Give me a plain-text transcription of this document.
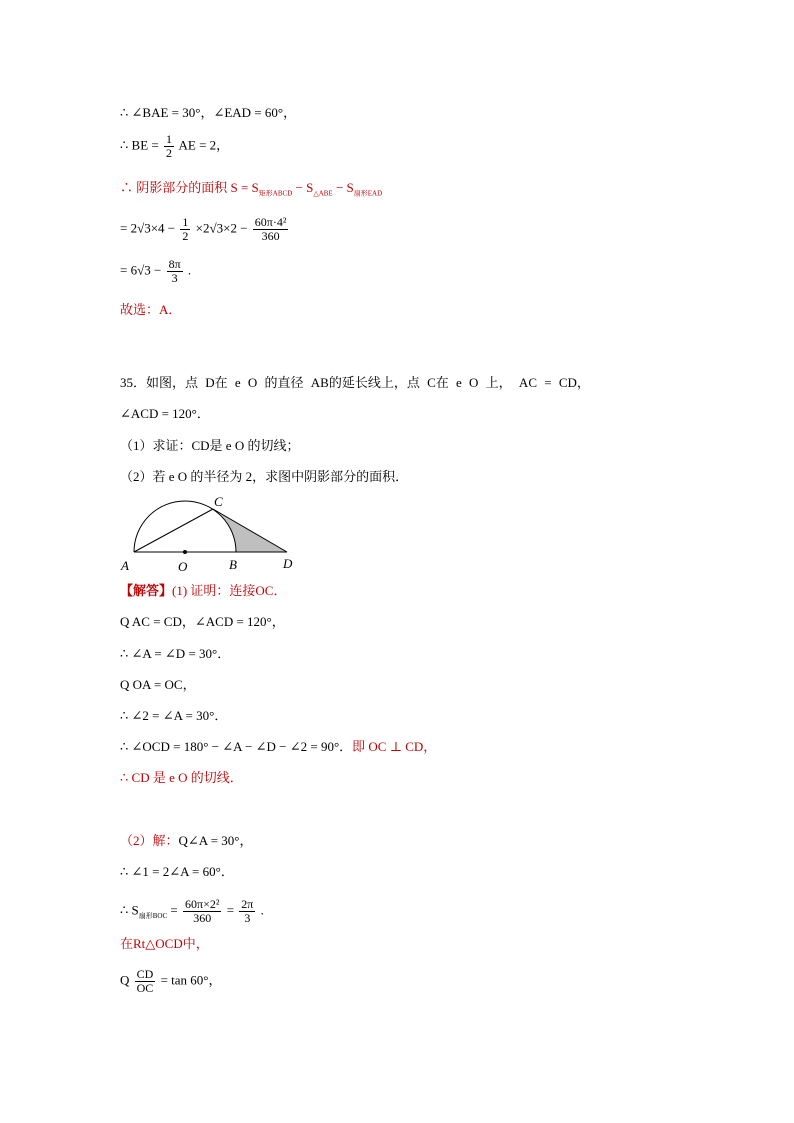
∴ ∠BAE = 30°，∠EAD = 60°，
∴ BE = $\frac{1}{2}$ AE = 2，
∴ 阴影部分的面积 $S = S_{矩形ABCD} - S_{\triangle ABE} - S_{扇形EAD}$
= $2√3\times 4 - \frac{1}{2} \times 2√3\times 2 - \frac{\text{60π·4²}}{360}$
= $6√3 - \frac{8\pi}{3}$ .
故选：A．
35．如图，点 D在 e O 的直径 AB的延长线上，点 C在 e O 上， AC = CD，
∠ACD = 120°．
（1）求证：CD是 e O 的切线；
（2）若 e O 的半径为 2，求图中阴影部分的面积．
A	O	B
C
D
【解答】(1) 证明：连接OC．
Q AC = CD，∠ACD = 120°，
∴ ∠A = ∠D = 30°．
Q OA = OC，
∴ ∠2 = ∠A = 30°．
∴ ∠OCD = 180° − ∠A − ∠D − ∠2 = 90°．即 OC ⊥ CD，
∴ CD 是 e O 的切线．
（2）解：Q∠A = 30°，
∴ ∠1 = 2∠A = 60°．
∴ $S_{扇形BOC} = \frac{\text{60π×2²}}{360} = \frac{2\pi}{3}$ .
在Rt△OCD中，
Q $\frac{CD}{OC} = \tan 60^\circ$，
